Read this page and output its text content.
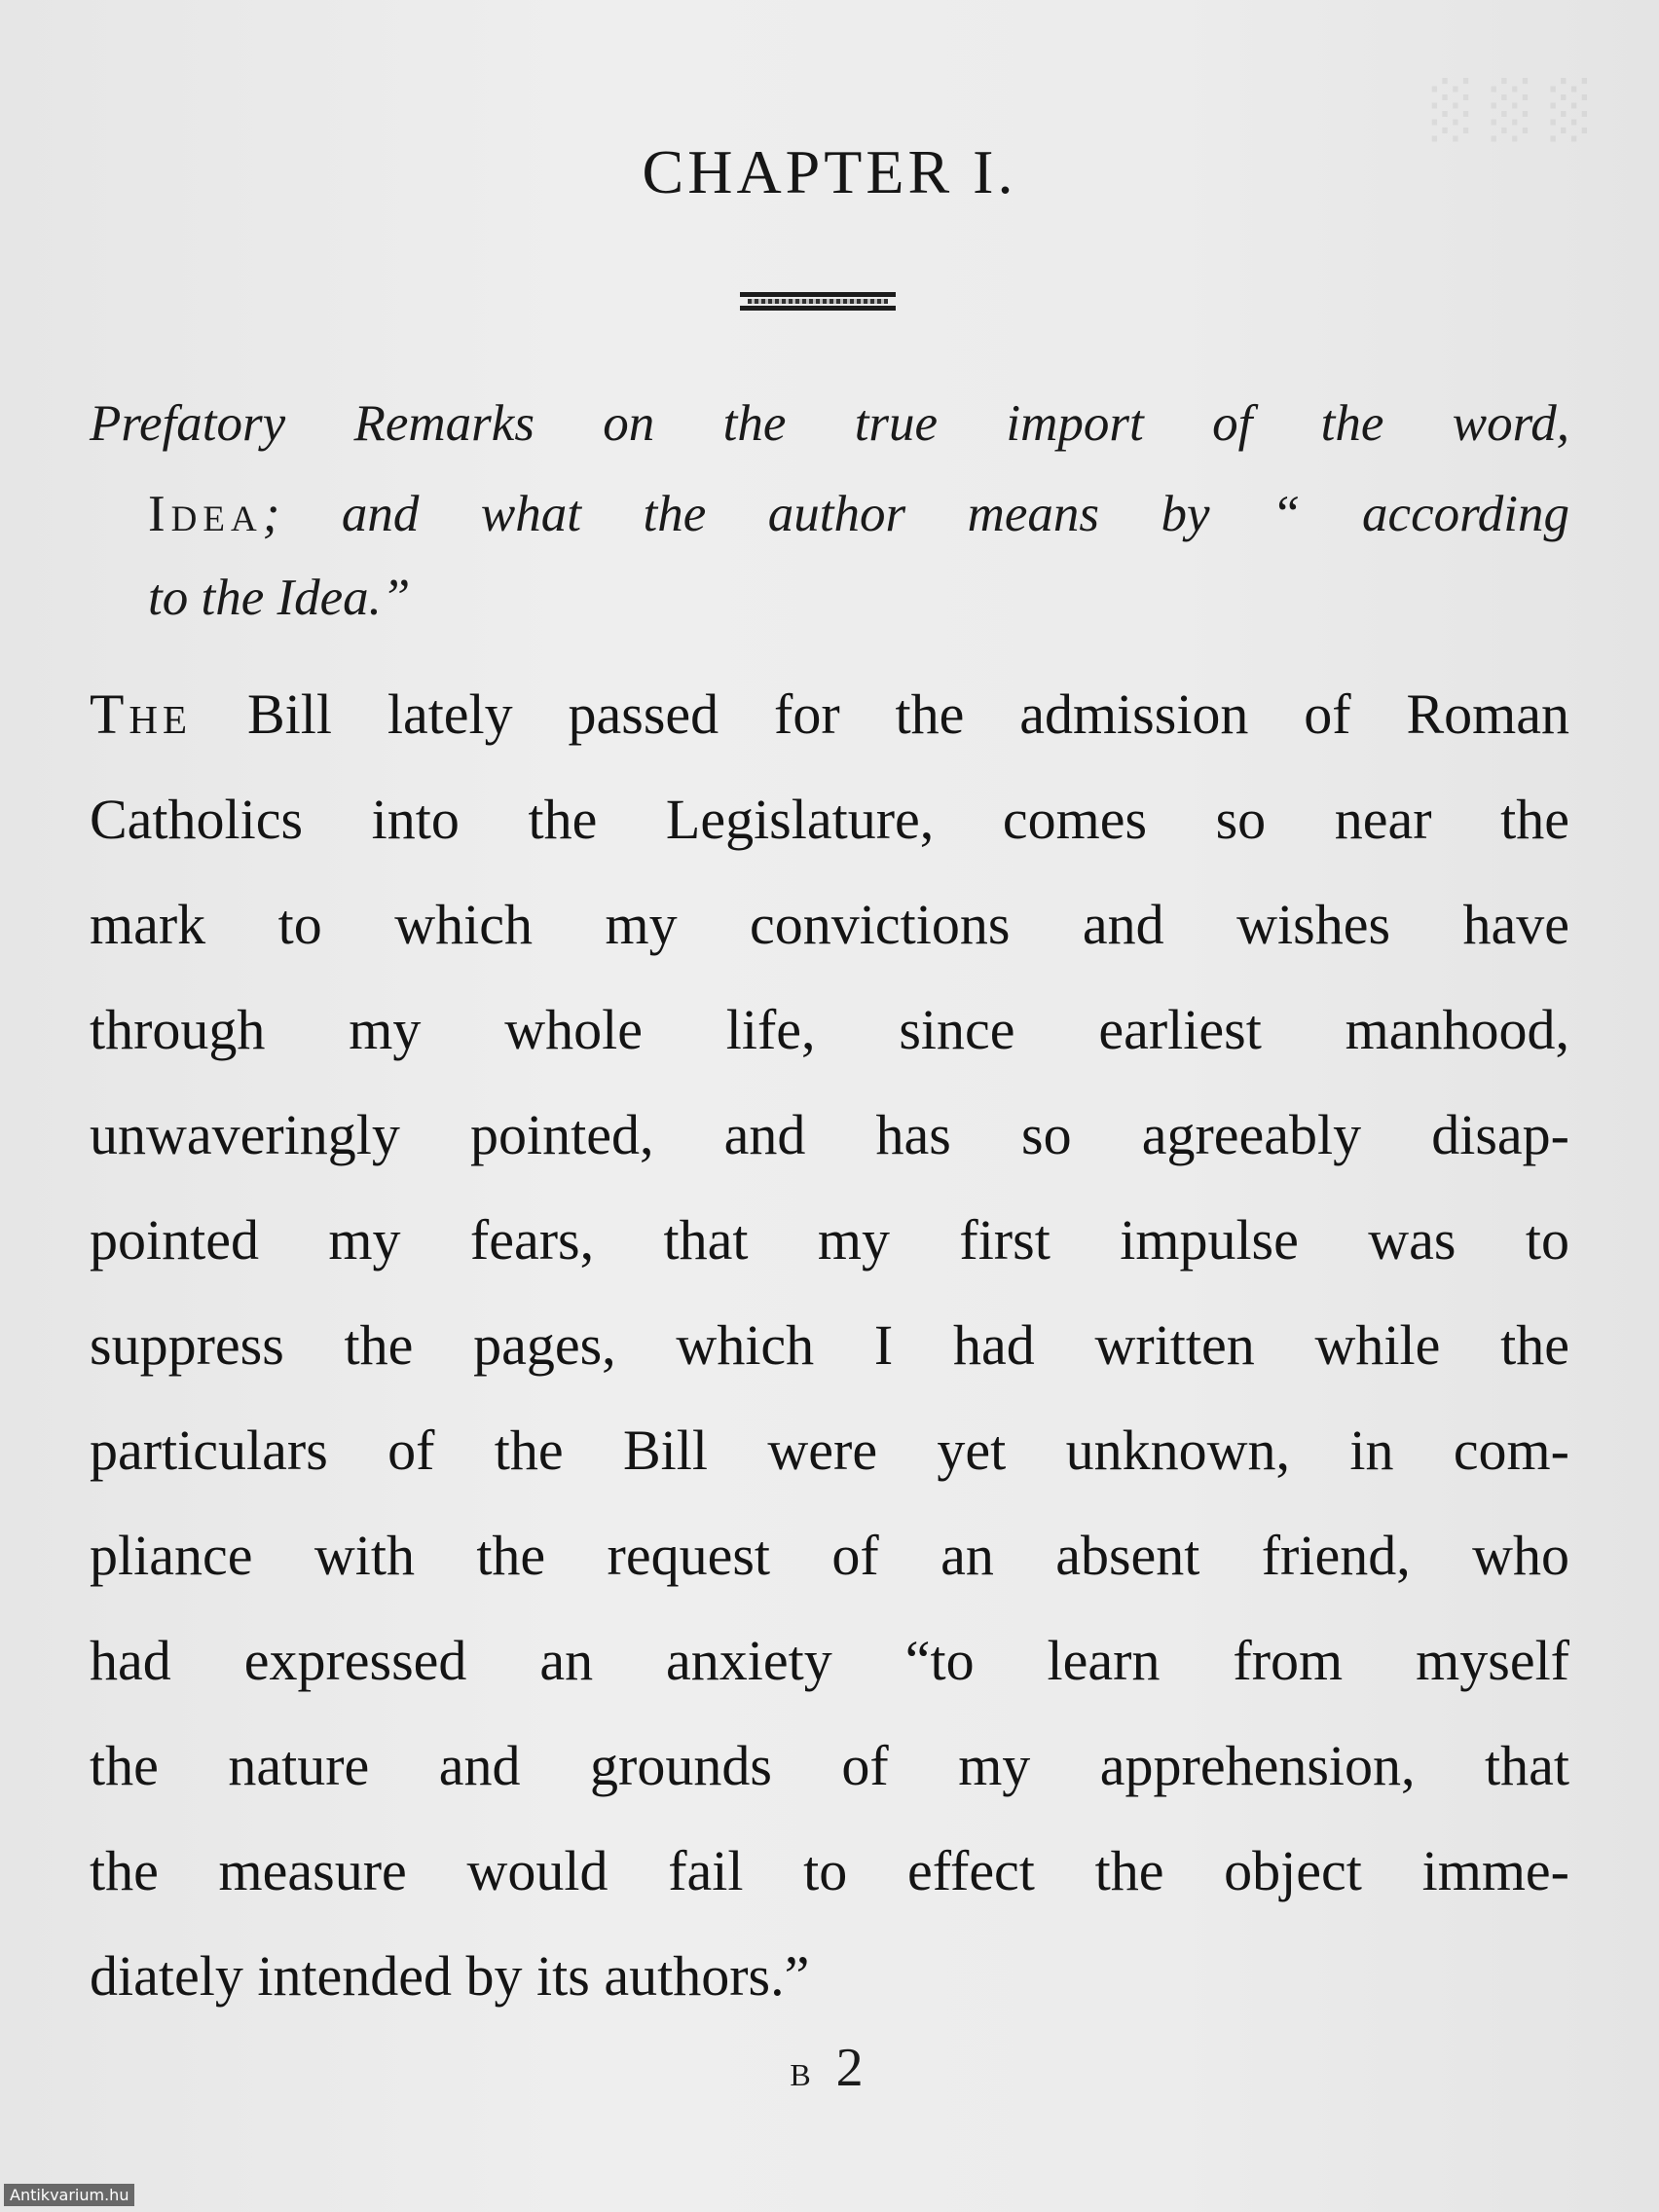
░ ░ ░
CHAPTER I.
Prefatory Remarks on the true import of the word,
Idea; and what the author means by “ according
to the Idea.”
The Bill lately passed for the admission of Roman
Catholics into the Legislature, comes so near the
mark to which my convictions and wishes have
through my whole life, since earliest manhood,
unwaveringly pointed, and has so agreeably disap-
pointed my fears, that my first impulse was to
suppress the pages, which I had written while the
particulars of the Bill were yet unknown, in com-
pliance with the request of an absent friend, who
had expressed an anxiety “to learn from myself
the nature and grounds of my apprehension, that
the measure would fail to effect the object imme-
diately intended by its authors.”
B 2
Antikvarium.hu
